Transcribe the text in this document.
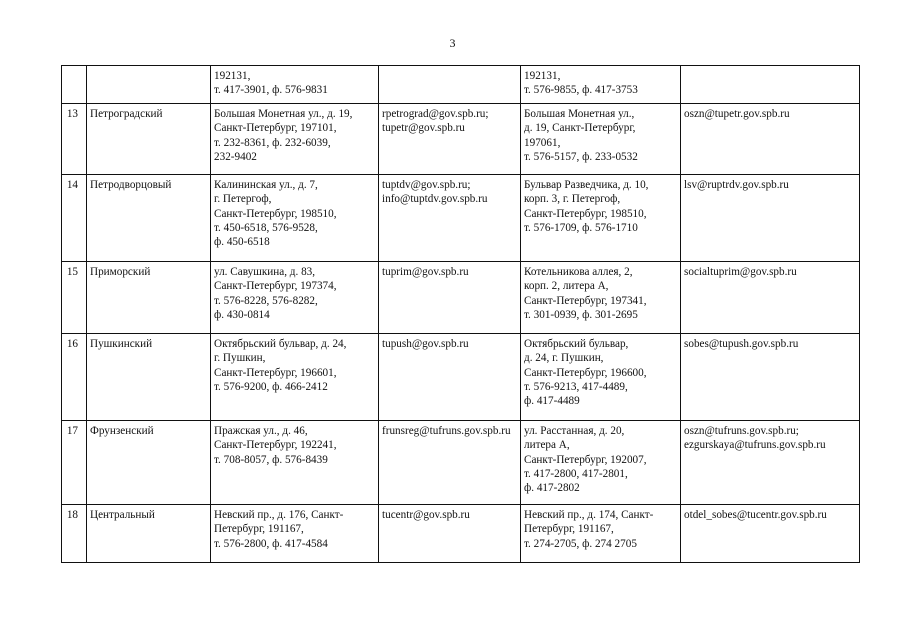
3
		192131,
т. 417-3901, ф. 576-9831		192131,
т. 576-9855, ф. 417-3753	
13	Петроградский	Большая Монетная ул., д. 19,
Санкт-Петербург, 197101,
т. 232-8361, ф. 232-6039,
232-9402	rpetrograd@gov.spb.ru;
tupetr@gov.spb.ru	Большая Монетная ул.,
д. 19, Санкт-Петербург,
197061,
т. 576-5157, ф. 233-0532	oszn@tupetr.gov.spb.ru
14	Петродворцовый	Калининская ул., д. 7,
г. Петергоф,
Санкт-Петербург, 198510,
т. 450-6518, 576-9528,
ф. 450-6518	tuptdv@gov.spb.ru;
info@tuptdv.gov.spb.ru	Бульвар Разведчика, д. 10,
корп. 3, г. Петергоф,
Санкт-Петербург, 198510,
т. 576-1709, ф. 576-1710	lsv@ruptrdv.gov.spb.ru
15	Приморский	ул. Савушкина, д. 83,
Санкт-Петербург, 197374,
т. 576-8228, 576-8282,
ф. 430-0814	tuprim@gov.spb.ru	Котельникова аллея, 2,
корп. 2, литера А,
Санкт-Петербург, 197341,
т. 301-0939, ф. 301-2695	socialtuprim@gov.spb.ru
16	Пушкинский	Октябрьский бульвар, д. 24,
г. Пушкин,
Санкт-Петербург, 196601,
т. 576-9200, ф. 466-2412	tupush@gov.spb.ru	Октябрьский бульвар,
д. 24, г. Пушкин,
Санкт-Петербург, 196600,
т. 576-9213, 417-4489,
ф. 417-4489	sobes@tupush.gov.spb.ru
17	Фрунзенский	Пражская ул., д. 46,
Санкт-Петербург, 192241,
т. 708-8057, ф. 576-8439	frunsreg@tufruns.gov.spb.ru	ул. Расстанная, д. 20,
литера А,
Санкт-Петербург, 192007,
т. 417-2800, 417-2801,
ф. 417-2802	oszn@tufruns.gov.spb.ru;
ezgurskaya@tufruns.gov.spb.ru
18	Центральный	Невский пр., д. 176, Санкт-
Петербург, 191167,
т. 576-2800, ф. 417-4584	tucentr@gov.spb.ru	Невский пр., д. 174, Санкт-
Петербург, 191167,
т. 274-2705, ф. 274 2705	otdel_sobes@tucentr.gov.spb.ru
